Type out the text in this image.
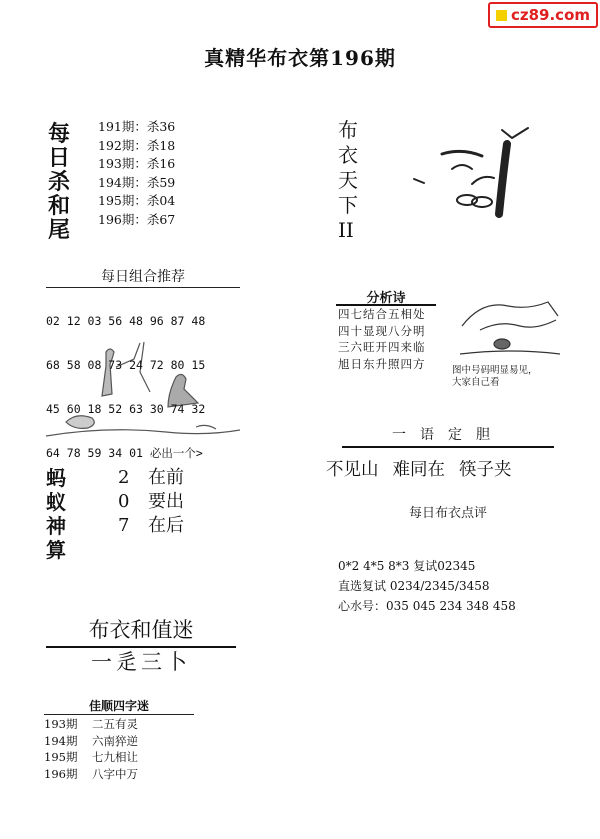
cz89.com
真精华布衣第196期
每
日
杀
和
尾
191期：杀36
192期：杀18
193期：杀16
194期：杀59
195期：杀04
196期：杀67
每日组合推荐

02 12 03 56 48 96 87 48

68 58 08 73 24 72 80 15

45 60 18 52 63 30 74 32

64 78 59 34 01 必出一个>

蚂
蚁
神
算
2 在前
0 要出
7 在后
布衣和值迷
一辵三卜
佳顺四字迷
193期 二五有灵
194期 六南猝逆
195期 七九相让
196期 八字中万
布
衣
天
下
II
分析诗
四七结合五相处
四十显现八分明
三六旺开四来临
旭日东升照四方	图中号码明显易见，
大家自己看
一语定胆
不见山 难同在 筷子夹
每日布衣点评
0*2 4*5 8*3 复试02345
直选复试 0234/2345/3458
心水号：035 045 234 348 458
